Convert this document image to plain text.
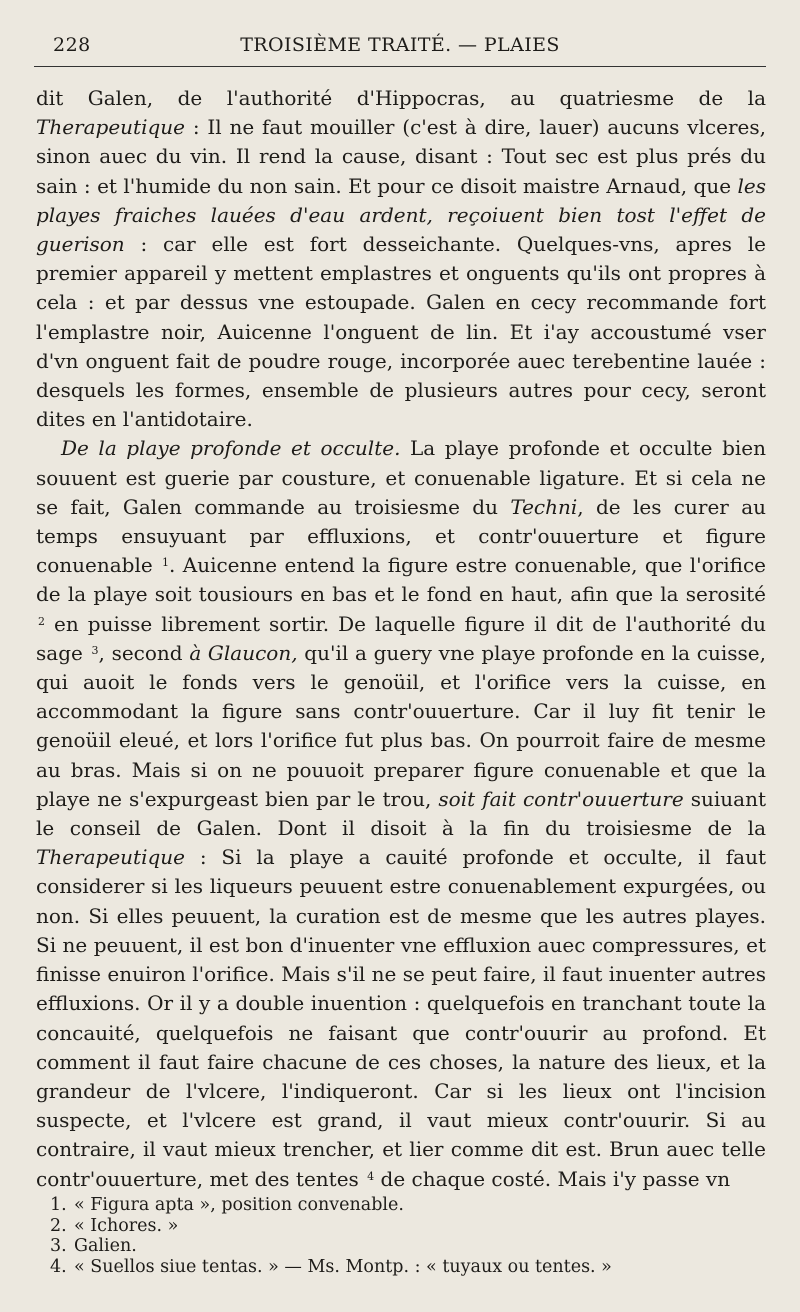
228	TROISIÈME TRAITÉ. — PLAIES

dit Galen, de l'authorité d'Hippocras, au quatriesme de la Therapeutique : Il ne faut mouiller (c'est à dire, lauer) aucuns vlceres, sinon auec du vin. Il rend la cause, disant : Tout sec est plus prés du sain : et l'humide du non sain. Et pour ce disoit maistre Arnaud, que les playes fraiches lauées d'eau ardent, reçoiuent bien tost l'effet de guerison : car elle est fort desseichante. Quelques-vns, apres le premier appareil y mettent emplastres et onguents qu'ils ont propres à cela : et par dessus vne estoupade. Galen en cecy recommande fort l'emplastre noir, Auicenne l'onguent de lin. Et i'ay accoustumé vser d'vn onguent fait de poudre rouge, incorporée auec terebentine lauée : desquels les formes, ensemble de plusieurs autres pour cecy, seront dites en l'antidotaire.

De la playe profonde et occulte. La playe profonde et occulte bien souuent est guerie par cousture, et conuenable ligature. Et si cela ne se fait, Galen commande au troisiesme du Techni, de les curer au temps ensuyuant par effluxions, et contr'ouuerture et figure conuenable $^1$. Auicenne entend la figure estre conuenable, que l'orifice de la playe soit tousiours en bas et le fond en haut, afin que la serosité $^2$ en puisse librement sortir. De laquelle figure il dit de l'authorité du sage $^3$, second à Glaucon, qu'il a guery vne playe profonde en la cuisse, qui auoit le fonds vers le genoüil, et l'orifice vers la cuisse, en accommodant la figure sans contr'ouuerture. Car il luy fit tenir le genoüil eleué, et lors l'orifice fut plus bas. On pourroit faire de mesme au bras. Mais si on ne pouuoit preparer figure conuenable et que la playe ne s'expurgeast bien par le trou, soit fait contr'ouuerture suiuant le conseil de Galen. Dont il disoit à la fin du troisiesme de la Therapeutique : Si la playe a cauité profonde et occulte, il faut considerer si les liqueurs peuuent estre conuenablement expurgées, ou non. Si elles peuuent, la curation est de mesme que les autres playes. Si ne peuuent, il est bon d'inuenter vne effluxion auec compressures, et finisse enuiron l'orifice. Mais s'il ne se peut faire, il faut inuenter autres effluxions. Or il y a double inuention : quelquefois en tranchant toute la concauité, quelquefois ne faisant que contr'ouurir au profond. Et comment il faut faire chacune de ces choses, la nature des lieux, et la grandeur de l'vlcere, l'indiqueront. Car si les lieux ont l'incision suspecte, et l'vlcere est grand, il vaut mieux contr'ouurir. Si au contraire, il vaut mieux trencher, et lier comme dit est. Brun auec telle contr'ouuerture, met des tentes $^4$ de chaque costé. Mais i'y passe vn

1. « Figura apta », position convenable.
2. « Ichores. »
3. Galien.
4. « Suellos siue tentas. » — Ms. Montp. : « tuyaux ou tentes. »
